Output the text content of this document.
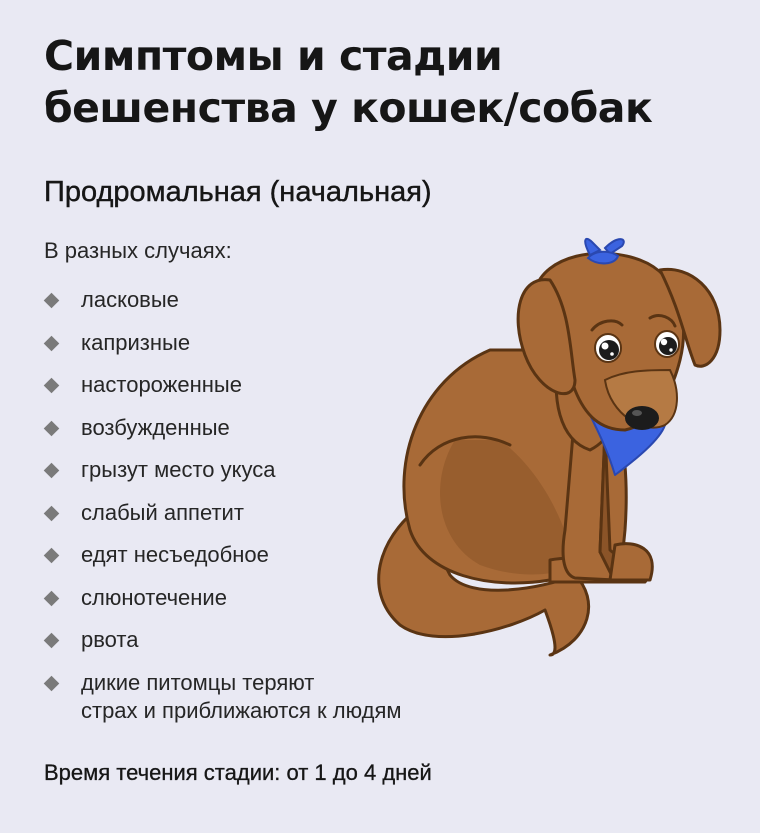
Симптомы и стадии
бешенства у кошек/собак
Продромальная (начальная)
В разных случаях:
ласковые
капризные
настороженные
возбужденные
грызут место укуса
слабый аппетит
едят несъедобное
слюнотечение
рвота
дикие питомцы теряют
страх и приближаются к людям
Время течения стадии: от 1 до 4 дней
